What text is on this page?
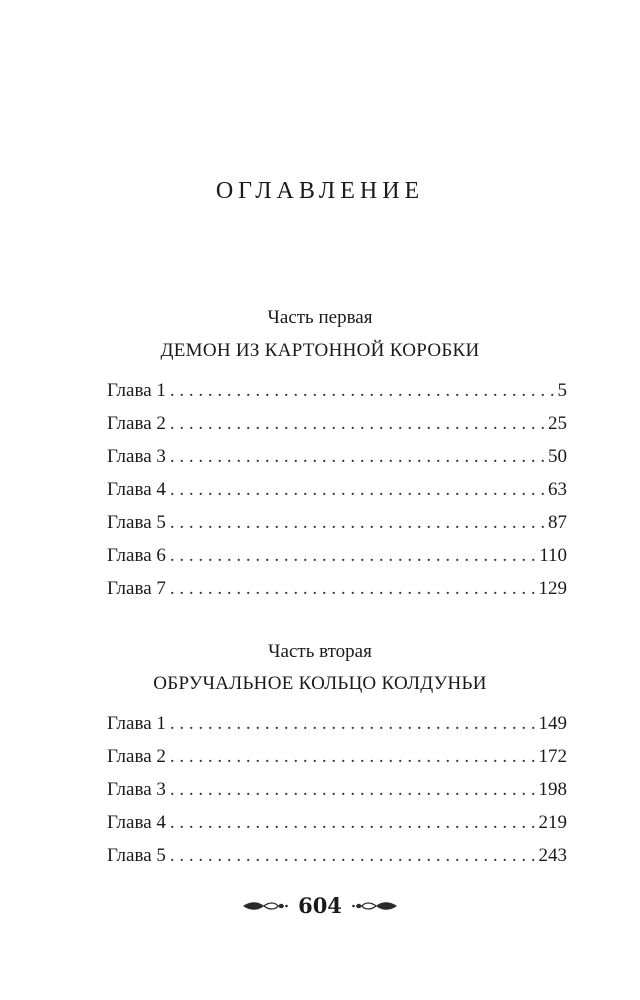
ОГЛАВЛЕНИЕ
Часть первая
ДЕМОН ИЗ КАРТОННОЙ КОРОБКИ
Глава 1 . . .	5
Глава 2 . . .	25
Глава 3 . . .	50
Глава 4 . . .	63
Глава 5 . . .	87
Глава 6 . . .	110
Глава 7 . . .	129
Часть вторая
ОБРУЧАЛЬНОЕ КОЛЬЦО КОЛДУНЬИ
Глава 1 . . .	149
Глава 2 . . .	172
Глава 3 . . .	198
Глава 4 . . .	219
Глава 5 . . .	243
604
